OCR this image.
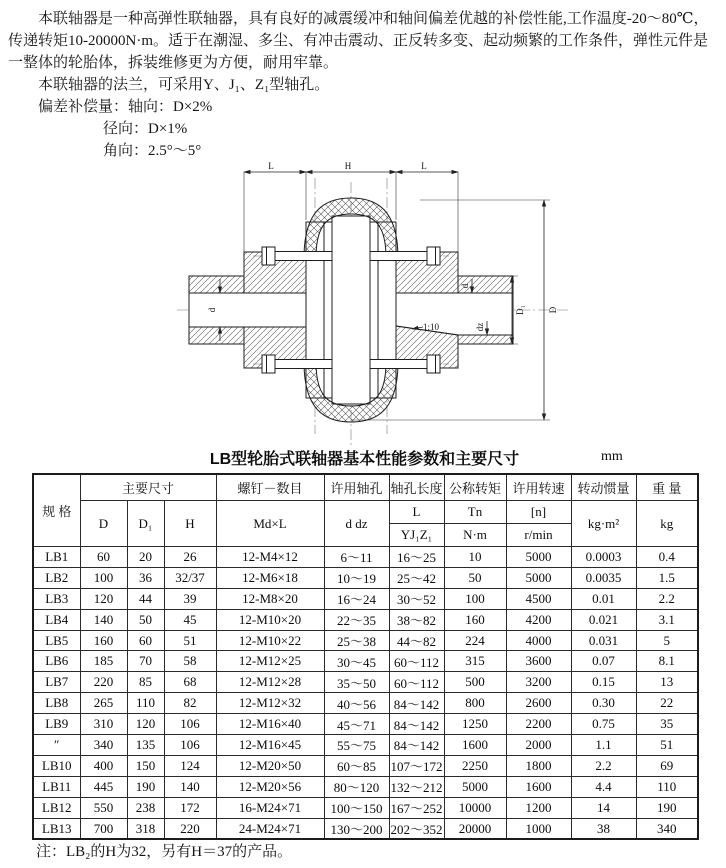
本联轴器是一种高弹性联轴器，具有良好的减震缓冲和轴间偏差优越的补偿性能,工作温度-20～80℃，
传递转矩10-20000N·m。适于在潮湿、多尘、有冲击震动、正反转多变、起动频繁的工作条件，弹性元件是
一整体的轮胎体，拆装维修更为方便，耐用牢靠。
本联轴器的法兰，可采用Y、J₁、Z₁型轴孔。
偏差补偿量：轴向：D×2%
径向：D×1%
角向：2.5°～5°
L	H	L
d
d
dz
D₁	D
1:10
LB型轮胎式联轴器基本性能参数和主要尺寸	mm
规 格	主要尺寸			螺钉－数目	许用轴孔	轴孔长度	公称转矩	许用转速	转动惯量	重 量
	D	D₁	H	Md×L	d dz	L	Tn	[n]	kg·m²	kg
						YJ₁Z₁	N·m	r/min		
LB1	60	20	26	12-M4×12	6～11	16～25	10	5000	0.0003	0.4
LB2	100	36	32/37	12-M6×18	10～19	25～42	50	5000	0.0035	1.5
LB3	120	44	39	12-M8×20	16～24	30～52	100	4500	0.01	2.2
LB4	140	50	45	12-M10×20	22～35	38～82	160	4200	0.021	3.1
LB5	160	60	51	12-M10×22	25～38	44～82	224	4000	0.031	5
LB6	185	70	58	12-M12×25	30～45	60～112	315	3600	0.07	8.1
LB7	220	85	68	12-M12×28	35～50	60～112	500	3200	0.15	13
LB8	265	110	82	12-M12×32	40～56	84～142	800	2600	0.30	22
LB9	310	120	106	12-M16×40	45～71	84～142	1250	2200	0.75	35
″	340	135	106	12-M16×45	55～75	84～142	1600	2000	1.1	51
LB10	400	150	124	12-M20×50	60～85	107～172	2250	1800	2.2	69
LB11	445	190	140	12-M20×56	80～120	132～212	5000	1600	4.4	110
LB12	550	238	172	16-M24×71	100～150	167～252	10000	1200	14	190
LB13	700	318	220	24-M24×71	130～200	202～352	20000	1000	38	340
注：LB₂的H为32，另有H＝37的产品。
